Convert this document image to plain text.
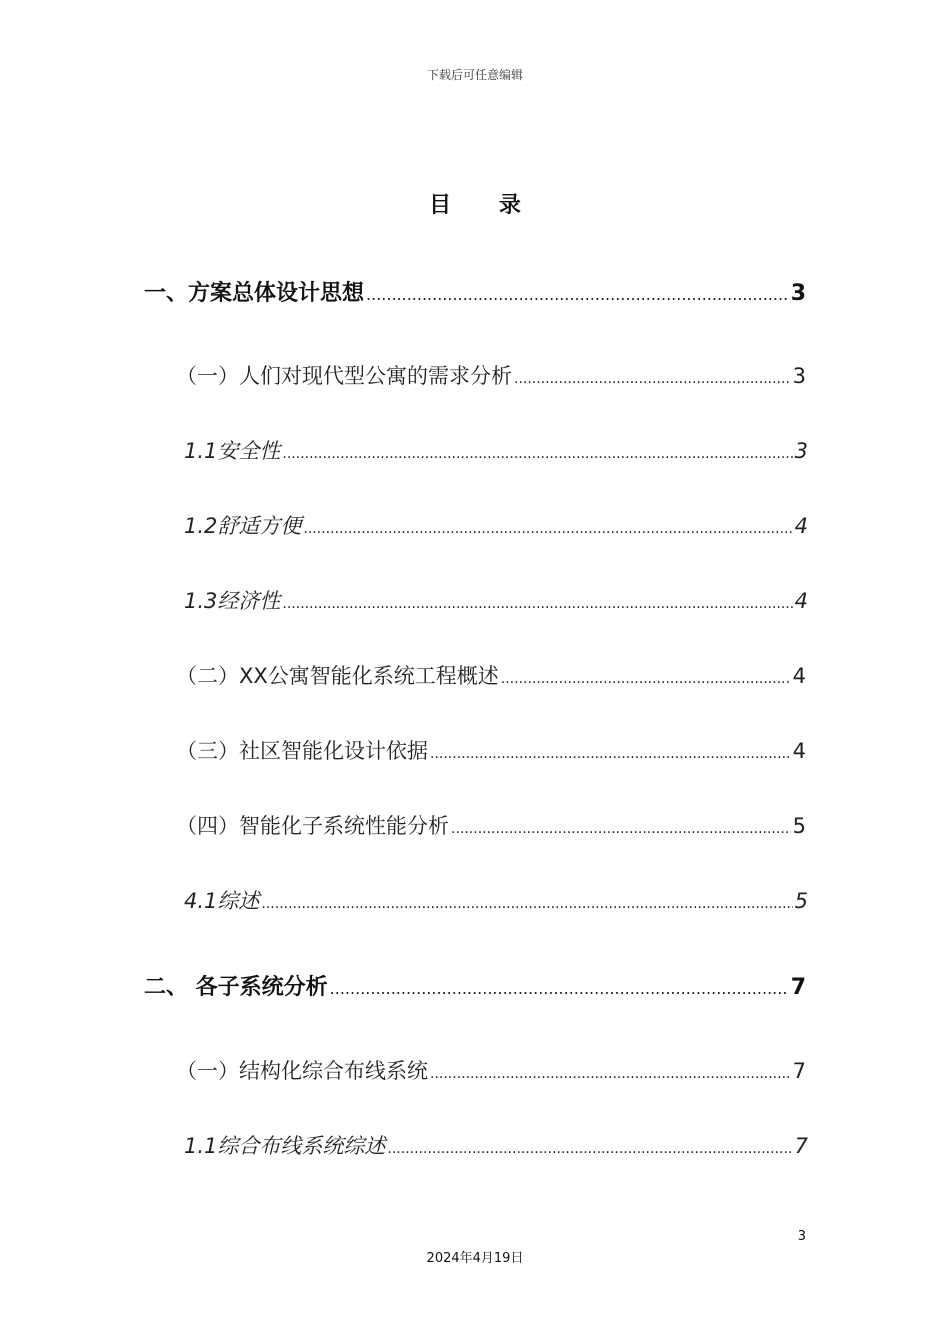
下载后可任意编辑
目 录
一、方案总体设计思想 .....	3
（一）人们对现代型公寓的需求分析 .....	3
1.1安全性 .....	3
1.2舒适方便 .....	4
1.3经济性 .....	4
（二）XX公寓智能化系统工程概述 .....	4
（三）社区智能化设计依据 .....	4
（四）智能化子系统性能分析 .....	5
4.1综述 .....	5
二、 各子系统分析 .....	7
（一）结构化综合布线系统 .....	7
1.1综合布线系统综述 .....	7
3
2024年4月19日
